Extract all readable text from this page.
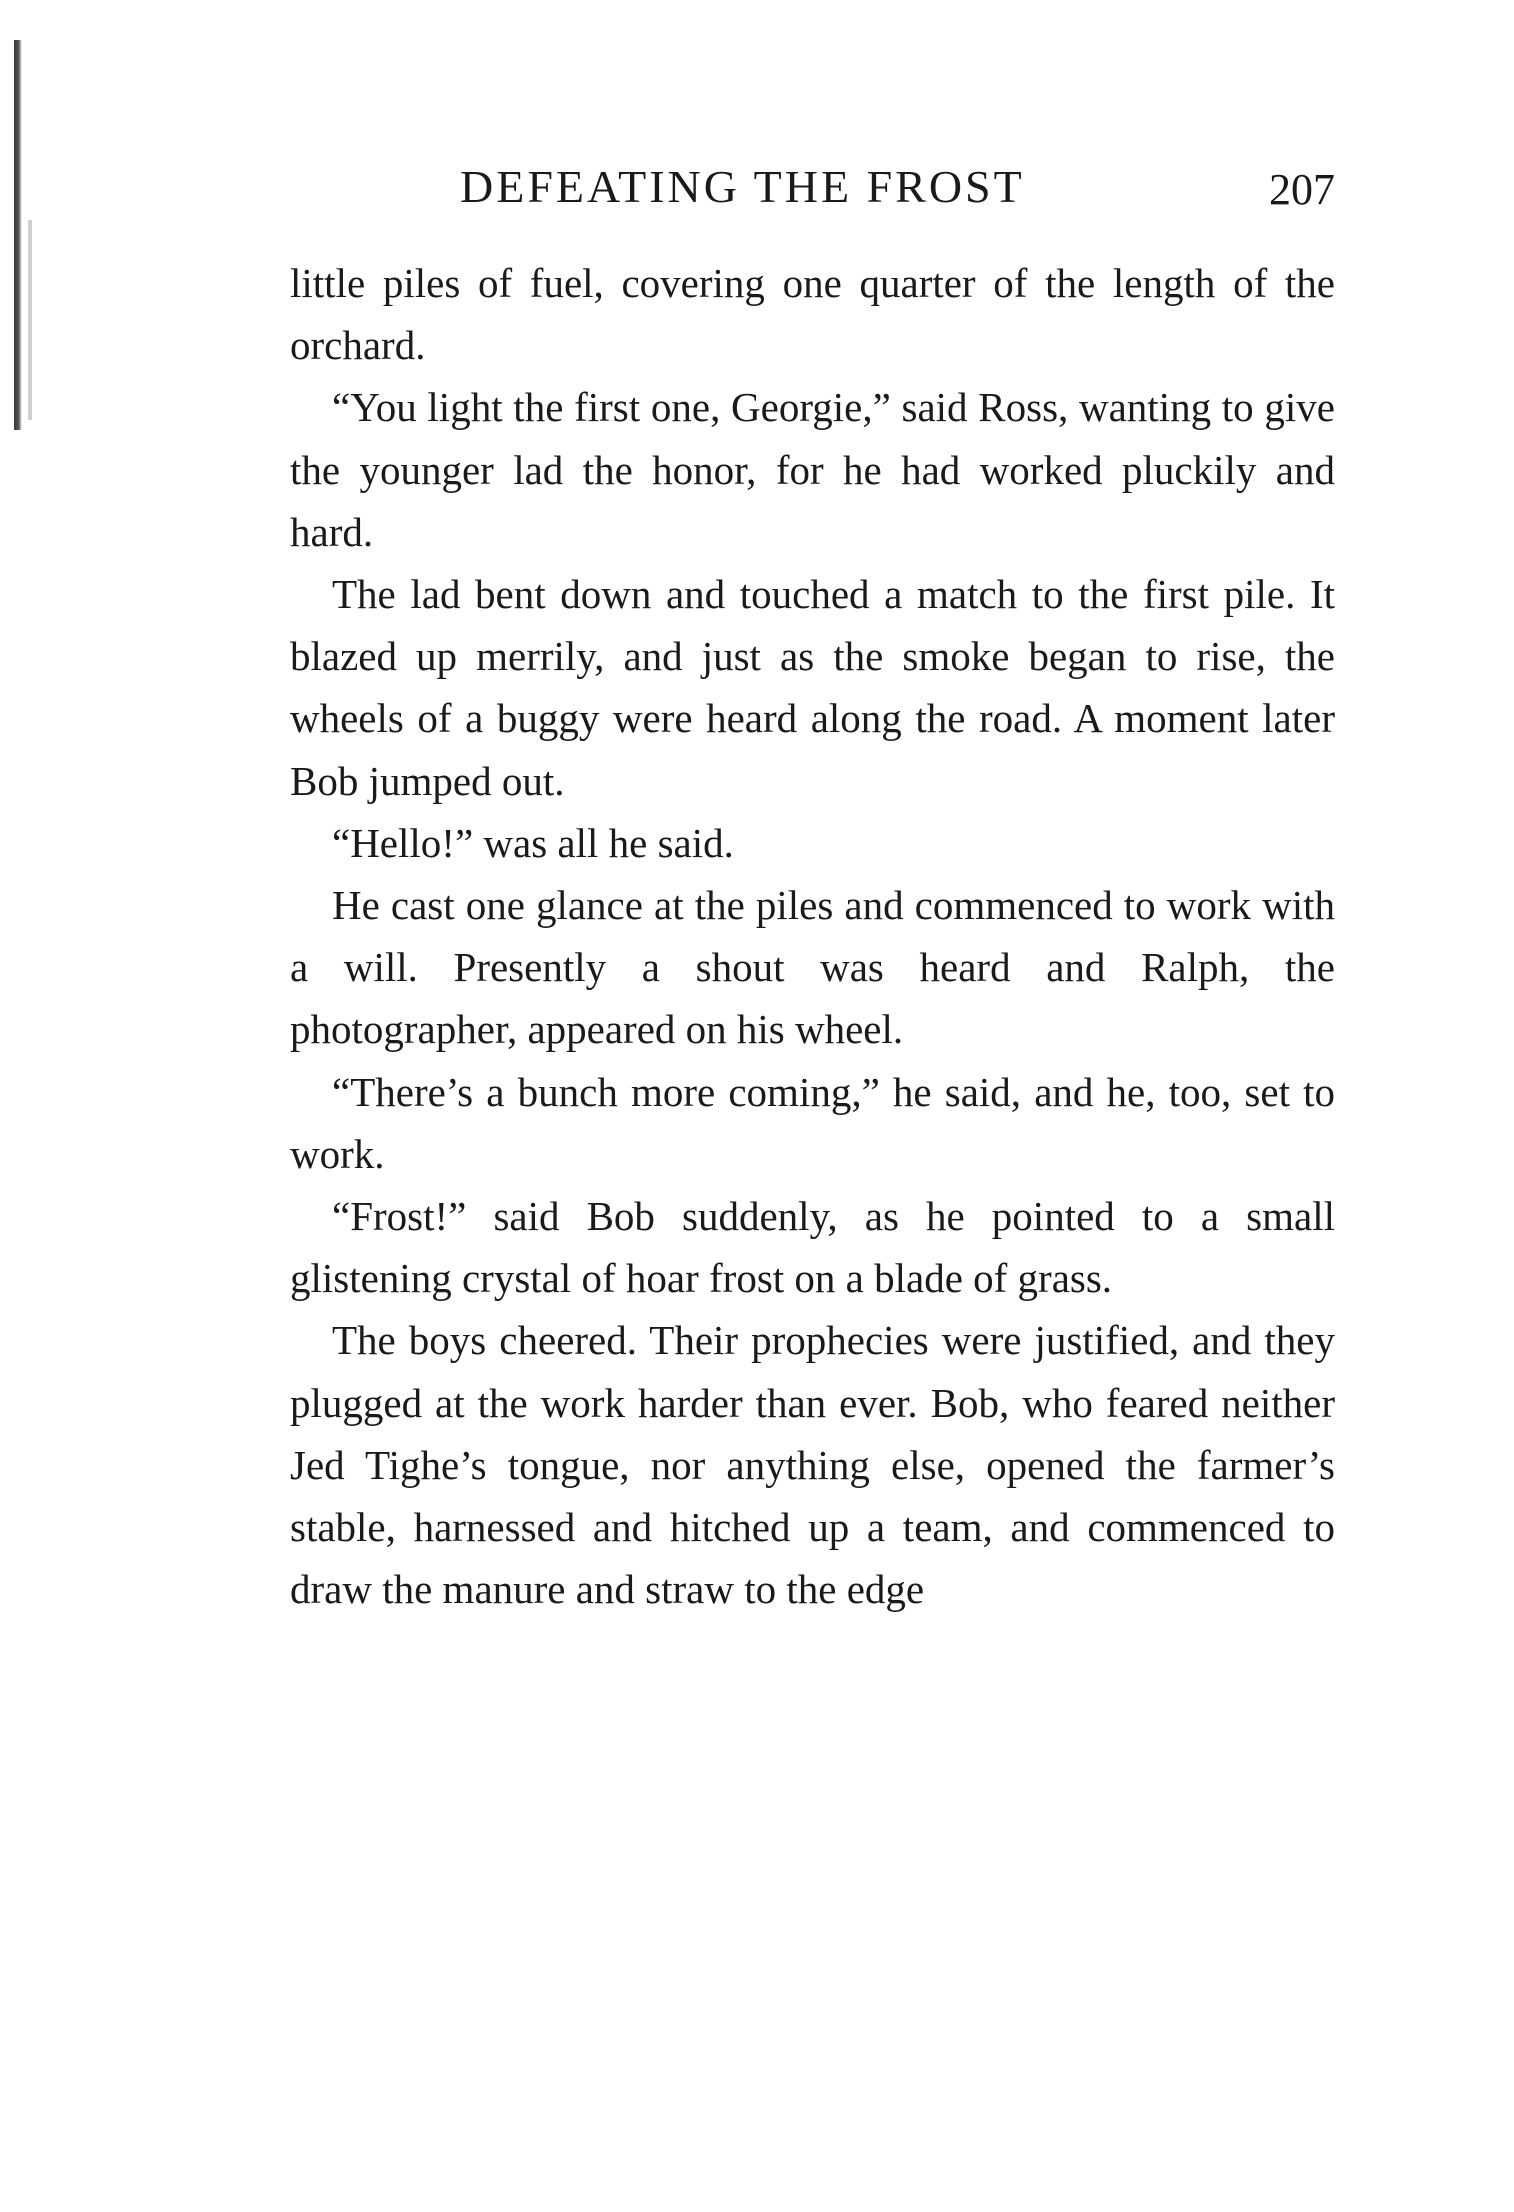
DEFEATING THE FROST	207

little piles of fuel, covering one quarter of the length of the orchard.

“You light the first one, Georgie,” said Ross, wanting to give the younger lad the honor, for he had worked pluckily and hard.

The lad bent down and touched a match to the first pile. It blazed up merrily, and just as the smoke began to rise, the wheels of a buggy were heard along the road. A moment later Bob jumped out.

“Hello!” was all he said.

He cast one glance at the piles and commenced to work with a will. Presently a shout was heard and Ralph, the photographer, appeared on his wheel.

“There’s a bunch more coming,” he said, and he, too, set to work.

“Frost!” said Bob suddenly, as he pointed to a small glistening crystal of hoar frost on a blade of grass.

The boys cheered. Their prophecies were justified, and they plugged at the work harder than ever. Bob, who feared neither Jed Tighe’s tongue, nor anything else, opened the farmer’s stable, harnessed and hitched up a team, and commenced to draw the manure and straw to the edge
